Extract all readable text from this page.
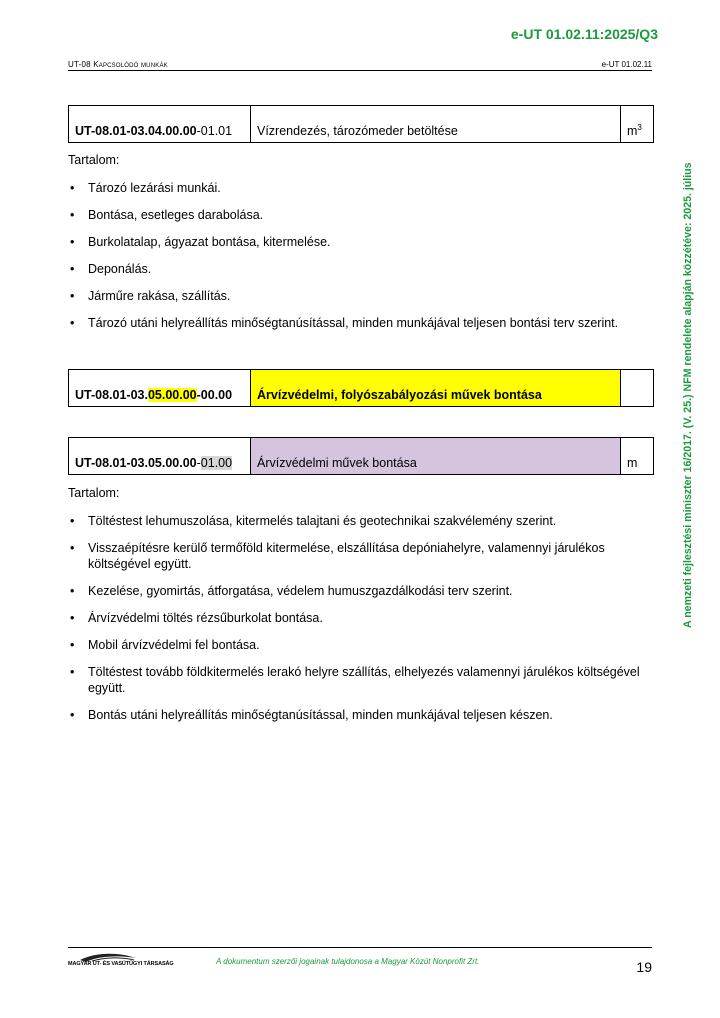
e-UT 01.02.11:2025/Q3
UT-08 Kapcsolódó munkák	e-UT 01.02.11
A nemzeti fejlesztési miniszter 16/2017. (V. 25.) NFM rendelete alapján közzétéve: 2025. július
UT-08.01-03.04.00.00-01.01	Vízrendezés, tározómeder betöltése	$m^3$
Tartalom:
• Tározó lezárási munkái.
• Bontása, esetleges darabolása.
• Burkolatalap, ágyazat bontása, kitermelése.
• Deponálás.
• Járműre rakása, szállítás.
• Tározó utáni helyreállítás minőségtanúsítással, minden munkájával teljesen bontási terv szerint.
UT-08.01-03.05.00.00-00.00	Árvízvédelmi, folyószabályozási művek bontása	
UT-08.01-03.05.00.00-01.00	Árvízvédelmi művek bontása	m
Tartalom:
• Töltéstest lehumuszolása, kitermelés talajtani és geotechnikai szakvélemény szerint.
• Visszaépítésre kerülő termőföld kitermelése, elszállítása depóniahelyre, valamennyi járulékos költségével együtt.
• Kezelése, gyomirtás, átforgatása, védelem humuszgazdálkodási terv szerint.
• Árvízvédelmi töltés rézsűburkolat bontása.
• Mobil árvízvédelmi fel bontása.
• Töltéstest tovább földkitermelés lerakó helyre szállítás, elhelyezés valamennyi járulékos költségével együtt.
• Bontás utáni helyreállítás minőségtanúsítással, minden munkájával teljesen készen.
MAGYAR ÚT- ÉS VASÚTÜGYI TÁRSASÁG	A dokumentum szerzői jogainak tulajdonosa a Magyar Közút Nonprofit Zrt.	19
